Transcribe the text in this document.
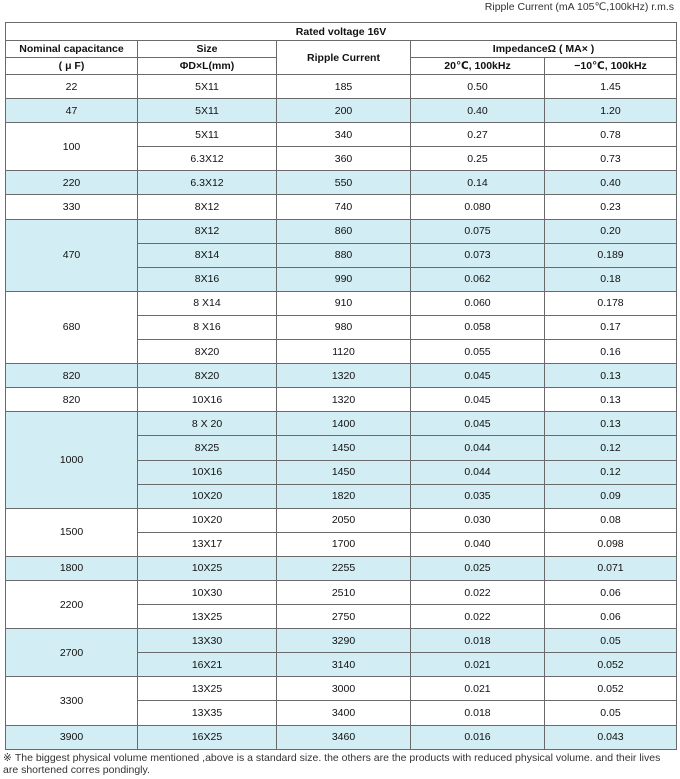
Ripple Current (mA 105℃,100kHz) r.m.s
Rated voltage 16V				
Nominal capacitance	Size	Ripple Current	ImpedanceΩ ( MA× )	
( μ F)	ΦD×L(mm)		20℃, 100kHz	−10℃, 100kHz
22	5X11	185	0.50	1.45
47	5X11	200	0.40	1.20
100	5X11	340	0.27	0.78
	6.3X12	360	0.25	0.73
220	6.3X12	550	0.14	0.40
330	8X12	740	0.080	0.23
470	8X12	860	0.075	0.20
	8X14	880	0.073	0.189
	8X16	990	0.062	0.18
680	8 X14	910	0.060	0.178
	8 X16	980	0.058	0.17
	8X20	1120	0.055	0.16
820	8X20	1320	0.045	0.13
820	10X16	1320	0.045	0.13
1000	8 X 20	1400	0.045	0.13
	8X25	1450	0.044	0.12
	10X16	1450	0.044	0.12
	10X20	1820	0.035	0.09
1500	10X20	2050	0.030	0.08
	13X17	1700	0.040	0.098
1800	10X25	2255	0.025	0.071
2200	10X30	2510	0.022	0.06
	13X25	2750	0.022	0.06
2700	13X30	3290	0.018	0.05
	16X21	3140	0.021	0.052
3300	13X25	3000	0.021	0.052
	13X35	3400	0.018	0.05
3900	16X25	3460	0.016	0.043
※ The biggest physical volume mentioned ,above is a standard size. the others are the products with reduced physical volume. and their lives are shortened corres pondingly.
